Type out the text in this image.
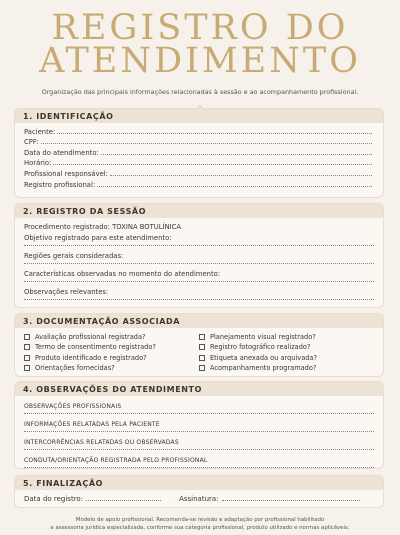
REGISTRO DO
ATENDIMENTO
Organização das principais informações relacionadas à sessão e ao acompanhamento profissional.
1. IDENTIFICAÇÃO
Paciente:
CPF:
Data do atendimento:
Horário:
Profissional responsável:
Registro profissional:
2. REGISTRO DA SESSÃO
Procedimento registrado: TOXINA BOTULÍNICA
Objetivo registrado para este atendimento:
Regiões gerais consideradas:
Características observadas no momento do atendimento:
Observações relevantes:
3. DOCUMENTAÇÃO ASSOCIADA
Avaliação profissional registrada?
Termo de consentimento registrado?
Produto identificado e registrado?
Orientações fornecidas?
Planejamento visual registrado?
Registro fotográfico realizado?
Etiqueta anexada ou arquivada?
Acompanhamento programado?
4. OBSERVAÇÕES DO ATENDIMENTO
OBSERVAÇÕES PROFISSIONAIS
INFORMAÇÕES RELATADAS PELA PACIENTE
INTERCORRÊNCIAS RELATADAS OU OBSERVADAS
CONDUTA/ORIENTAÇÃO REGISTRADA PELO PROFISSIONAL
5. FINALIZAÇÃO
Data do registro:	Assinatura:
Modelo de apoio profissional. Recomenda-se revisão e adaptação por profissional habilitado
e assessoria jurídica especializada, conforme sua categoria profissional, produto utilizado e normas aplicáveis.
